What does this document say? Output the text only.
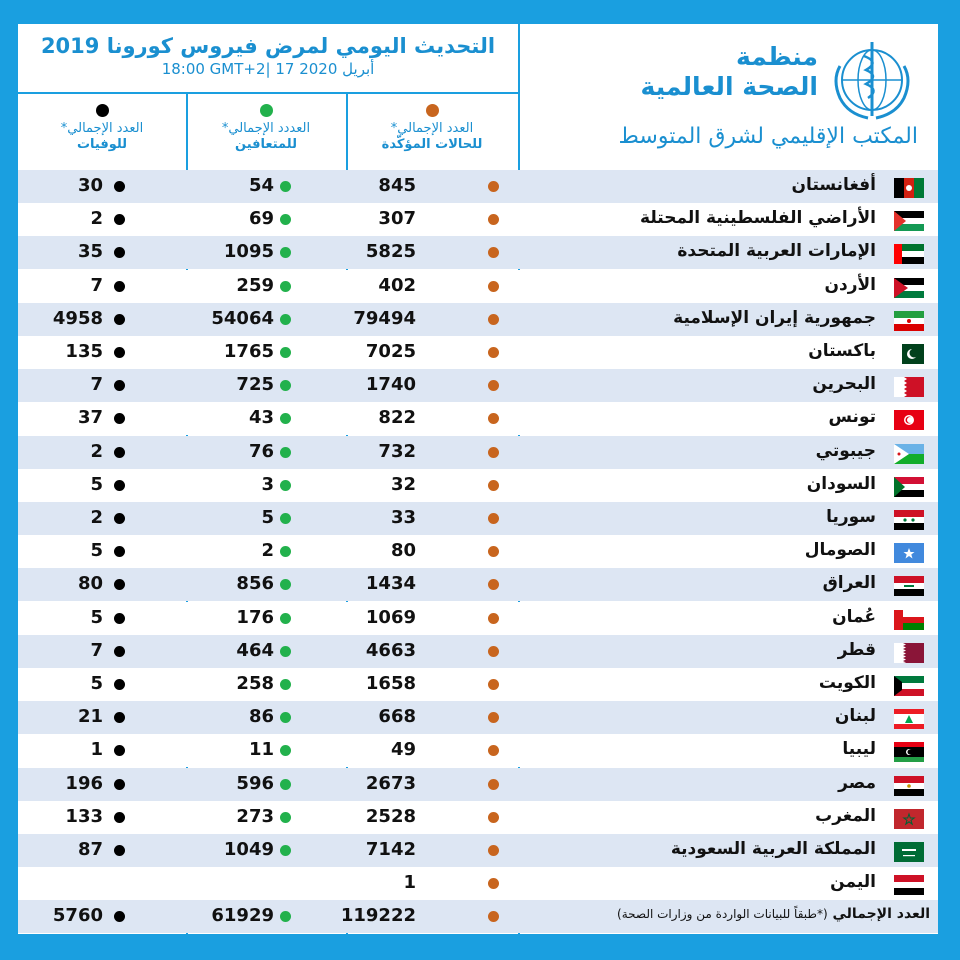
التحديث اليومي لمرض فيروس كورونا 2019
18:00 GMT+2| 17 أبريل 2020
العدد الإجمالي*
للوفيات
العددد الإجمالي*
للمتعافين
العدد الإجمالي*
للحالات المؤكّدة
منظمة
الصحة العالمية
المكتب الإقليمي لشرق المتوسط
أفغانستان
845
54
30
الأراضي الفلسطينية المحتلة
307
69
2
الإمارات العربية المتحدة
5825
1095
35
الأردن
402
259
7
جمهورية إيران الإسلامية
79494
54064
4958
باكستان
7025
1765
135
البحرين
1740
725
7
تونس
822
43
37
جيبوتي
732
76
2
السودان
32
3
5
سوريا
33
5
2
الصومال
80
2
5
العراق
1434
856
80
عُمان
1069
176
5
قطر
4663
464
7
الكويت
1658
258
5
لبنان
668
86
21
ليبيا
49
11
1
مصر
2673
596
196
المغرب
2528
273
133
المملكة العربية السعودية
7142
1049
87
اليمن
1
العدد الإجمالي (*طبقاً للبيانات الواردة من وزارات الصحة)
119222
61929
5760
